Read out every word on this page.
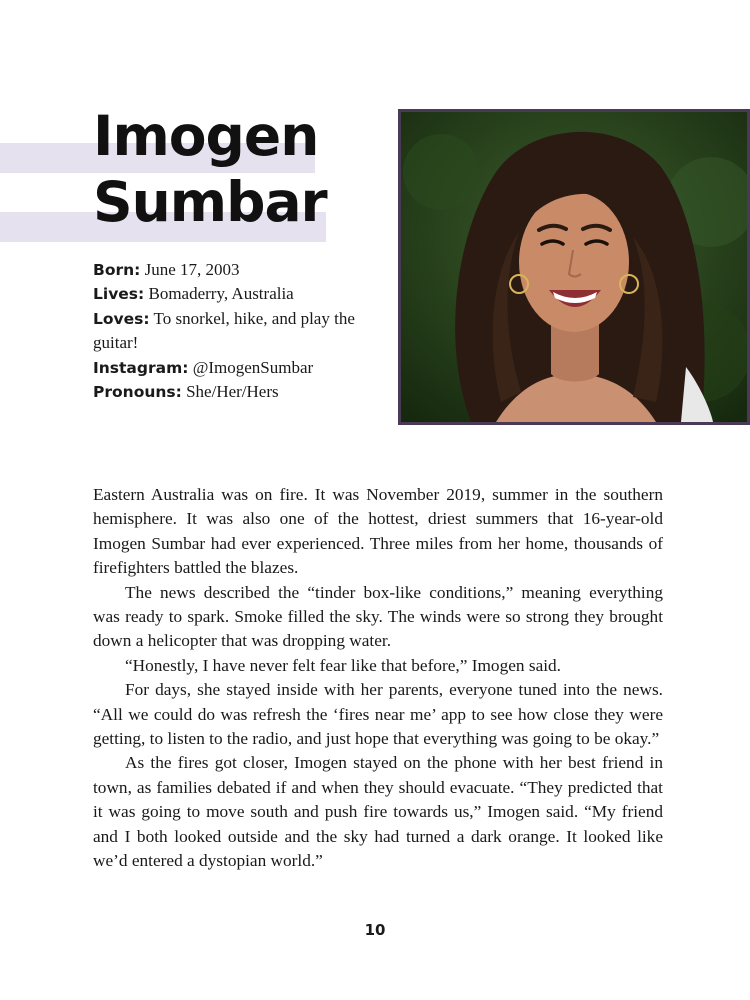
Imogen
Sumbar
Born: June 17, 2003
Lives: Bomaderry, Australia
Loves: To snorkel, hike, and play the guitar!
Instagram: @ImogenSumbar
Pronouns: She/Her/Hers

Eastern Australia was on fire. It was November 2019, summer in the southern hemisphere. It was also one of the hottest, driest summers that 16-year-old Imogen Sumbar had ever experienced. Three miles from her home, thousands of firefighters battled the blazes.

The news described the “tinder box-like conditions,” meaning everything was ready to spark. Smoke filled the sky. The winds were so strong they brought down a helicopter that was dropping water.

“Honestly, I have never felt fear like that before,” Imogen said.

For days, she stayed inside with her parents, everyone tuned into the news. “All we could do was refresh the ‘fires near me’ app to see how close they were getting, to listen to the radio, and just hope that everything was going to be okay.”

As the fires got closer, Imogen stayed on the phone with her best friend in town, as families debated if and when they should evacuate. “They predicted that it was going to move south and push fire towards us,” Imogen said. “My friend and I both looked outside and the sky had turned a dark orange. It looked like we’d entered a dystopian world.”

10
